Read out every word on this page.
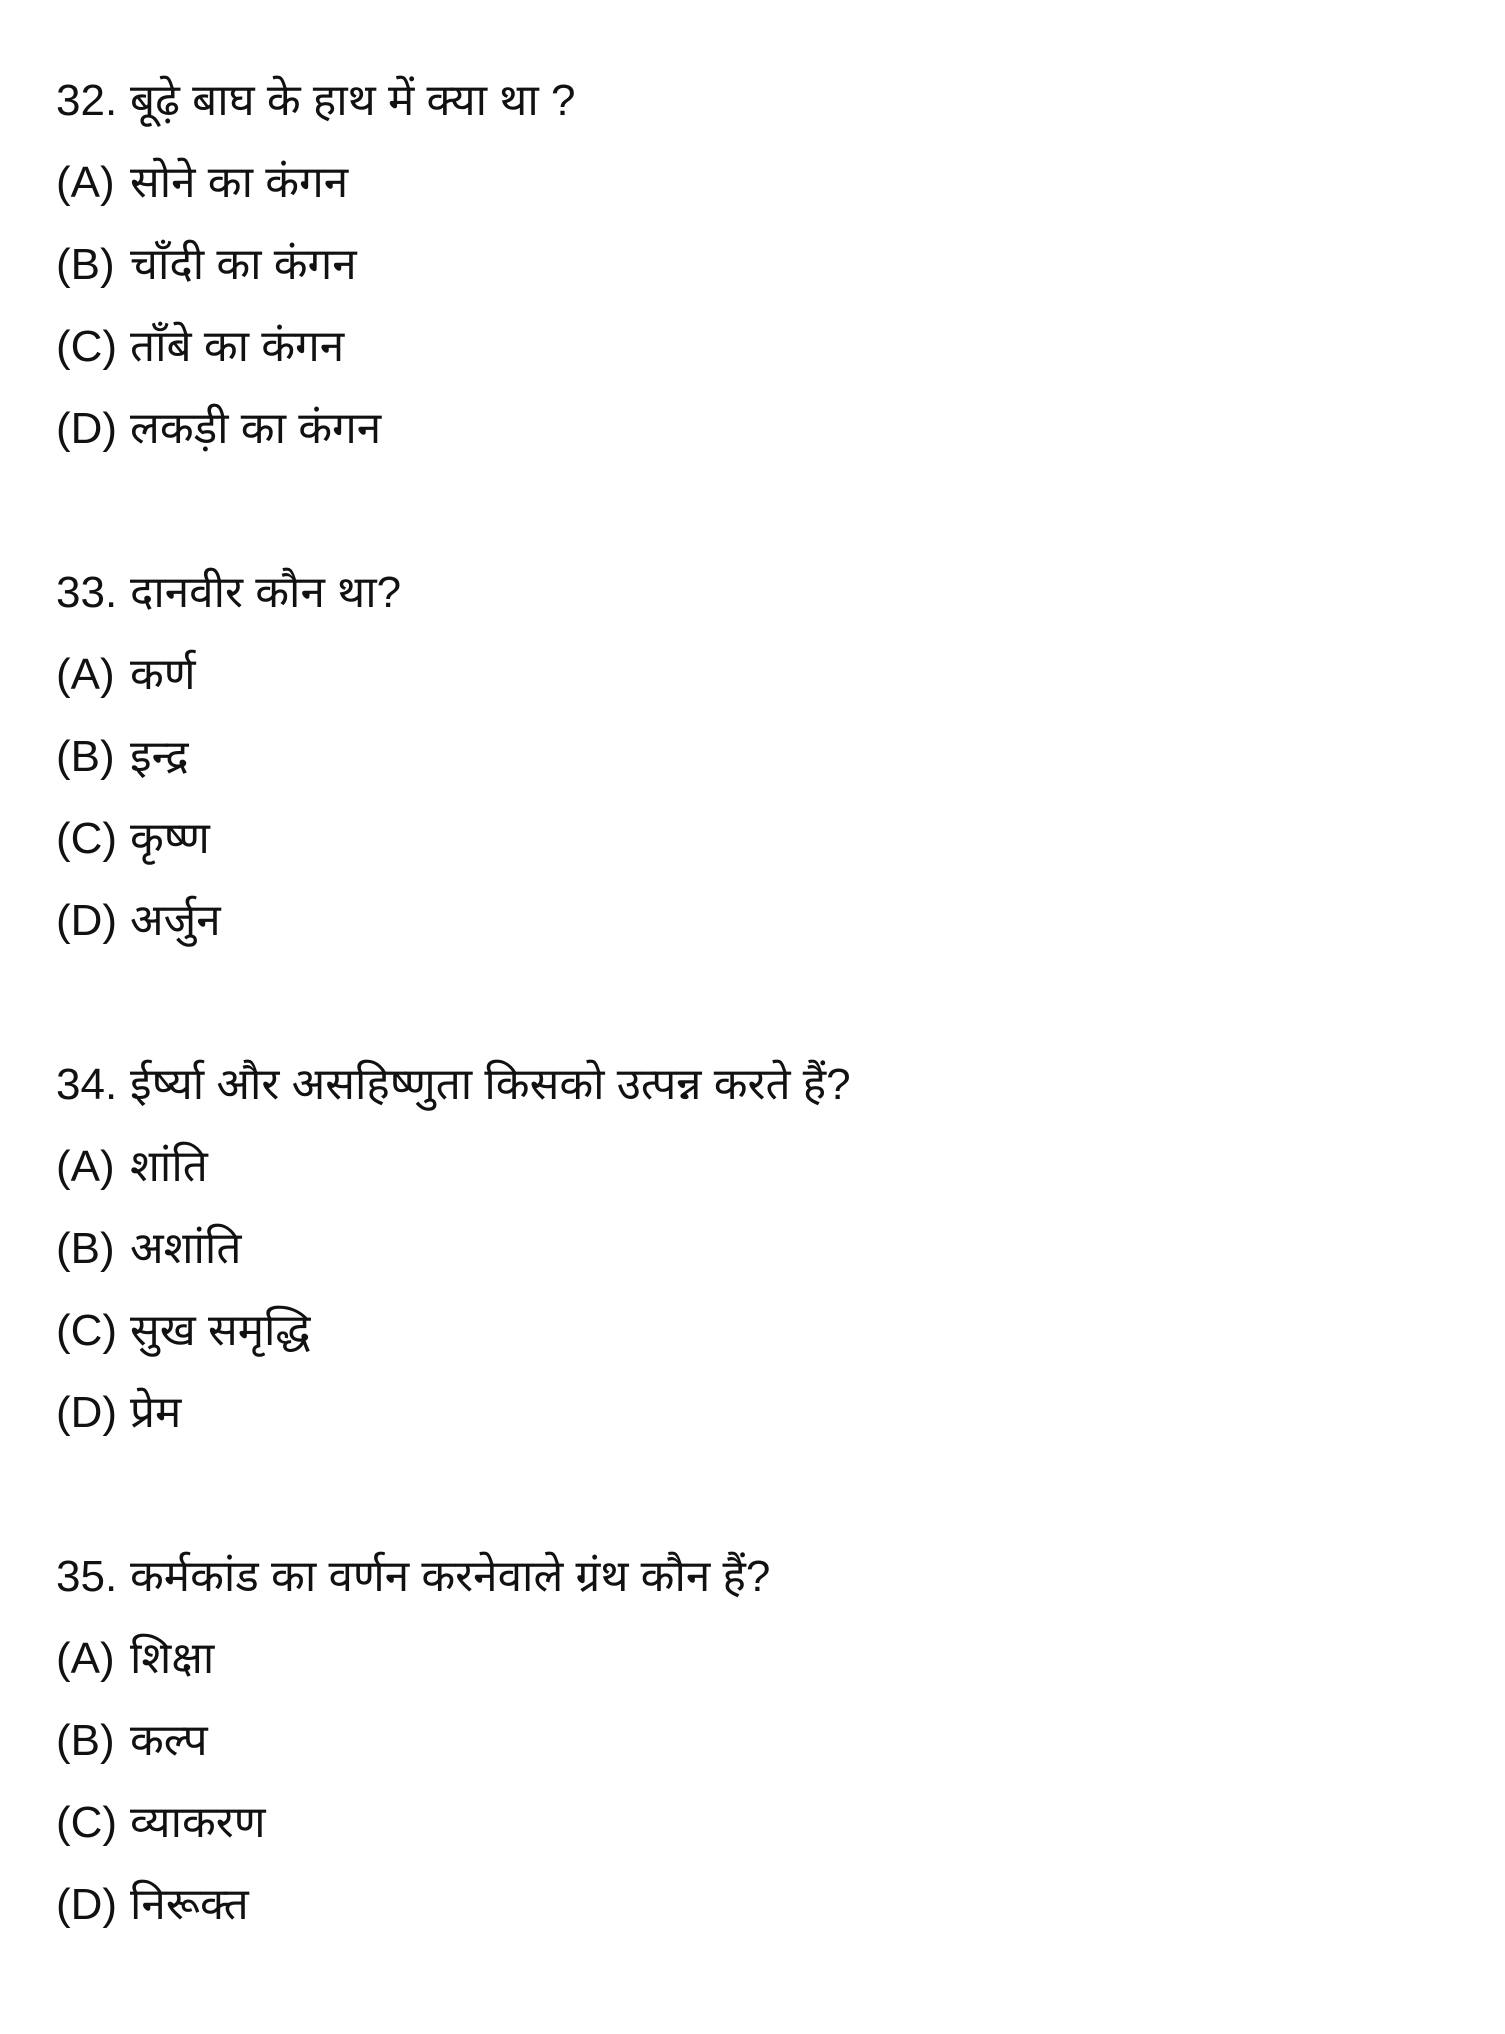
32. बूढ़े बाघ के हाथ में क्या था ?
(A) सोने का कंगन
(B) चाँदी का कंगन
(C) ताँबे का कंगन
(D) लकड़ी का कंगन
33. दानवीर कौन था?
(A) कर्ण
(B) इन्द्र
(C) कृष्ण
(D) अर्जुन
34. ईर्ष्या और असहिष्णुता किसको उत्पन्न करते हैं?
(A) शांति
(B) अशांति
(C) सुख समृद्धि
(D) प्रेम
35. कर्मकांड का वर्णन करनेवाले ग्रंथ कौन हैं?
(A) शिक्षा
(B) कल्प
(C) व्याकरण
(D) निरूक्त
